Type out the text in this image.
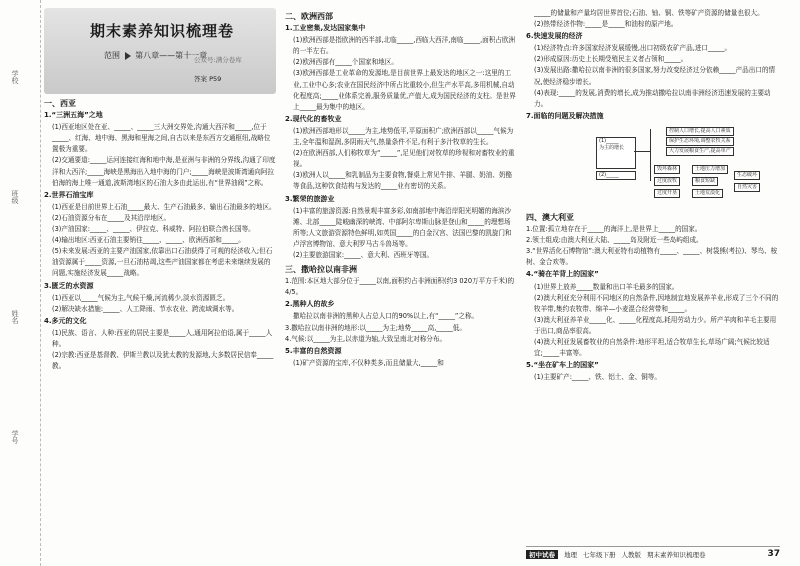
学校
班级
姓名
学号
期末素养知识梳理卷
范围 第八章——第十一章
公众号:满分卷库
答案 P59
一、西亚
1.“三洲五海”之地

(1)西亚地区处在亚、_____、_____三大洲交界处,沟通大西洋和_____,位于_____、红海、地中海、黑海和里海之间,自古以来是东西方交通枢纽,战略位置极为重要。

(2)交通要道:_____运河连接红海和地中海,是亚洲与非洲的分界线,沟通了印度洋和大西洋;_____海峡是黑海出入地中海的门户;_____海峡是波斯湾通向阿拉伯海的海上唯一通道,波斯湾地区的石油大多由此运出,有“世界油阀”之称。

2.世界石油宝库

(1)西亚是目前世界上石油_____最大、生产石油最多、输出石油最多的地区。

(2)石油资源分布在_____及其沿岸地区。

(3)产油国家:_____、_____、伊拉克、科威特、阿拉伯联合酋长国等。

(4)输出地区:西亚石油主要销往_____、_____、欧洲西部和_____。

(5)未来发展:西亚的主要产油国家,依靠出口石油获得了可观的经济收入;但石油资源属于_____资源,一旦石油枯竭,这些产油国家都在考虑未来继续发展的问题,实施经济发展_____战略。

3.匮乏的水资源

(1)西亚以_____气候为主,气候干燥,河流稀少,淡水资源匮乏。

(2)解决缺水措施:_____、人工降雨、节水农业、跨流域调水等。

4.多元的文化

(1)民族、语言、人种:西亚的居民主要是_____人,通用阿拉伯语,属于_____人种。

(2)宗教:西亚是基督教、伊斯兰教以及犹太教的发源地,大多数居民信奉_____教。

二、欧洲西部
1.工业密集,发达国家集中

(1)欧洲西部是指欧洲的西半部,北临_____,西临大西洋,南临_____,面积占欧洲的一半左右。

(2)欧洲西部有_____个国家和地区。

(3)欧洲西部是工业革命的发源地,是目前世界上最发达的地区之一:这里的工业,工业中心多;农业在国民经济中所占比重较小,但生产水平高,多用机械,自动化程度高;_____业体系完善,服务质量优,产值大,成为国民经济的支柱。是世界上_____最为集中的地区。

2.现代化的畜牧业

(1)欧洲西部地形以_____为主,地势低平,平原面积广;欧洲西部以_____气候为主,全年温和湿润,多阴雨天气,热量条件不足,有利于多汁牧草的生长。

(2)在欧洲西部,人们称牧草为“_____”,足见他们对牧草的珍视和对畜牧业的重视。

(3)欧洲人以_____和乳制品为主要食物,餐桌上常见牛排、羊腿、奶油、奶酪等食品,这种饮食结构与发达的_____业有密切的关系。

3.繁荣的旅游业

(1)丰富的旅游资源:自然景观丰富多彩,如南部地中海沿岸阳光明媚的海滨沙滩、北部_____陡峻幽深的峡湾、中部阿尔卑斯山脉是登山和_____的理想场所等;人文旅游资源特色鲜明,如英国_____的白金汉宫、法国巴黎的凯旋门和卢浮宫博物馆、意大利罗马古斗兽场等。

(2)主要旅游国家:_____、意大利、西班牙等国。

三、撒哈拉以南非洲

1.范围:本区地大部分位于_____以南,面积约占非洲面积(约3 020万平方千米)的4/5。

2.黑种人的故乡

撒哈拉以南非洲的黑种人占总人口的90%以上,有“_____”之称。

3.撒哈拉以南非洲的地形:以_____为主;地势_____高,_____低。

4.气候:以_____为主,以赤道为轴,大致呈南北对称分布。

5.丰富的自然资源

(1)矿产资源的宝库,不仅种类多,而且储量大,_____和

_____的储量和产量均居世界首位;石油、铀、铜、铁等矿产资源的储量也很大。

(2)热带经济作物:_____是_____和油棕的原产地。

6.快速发展的经济

(1)经济特点:许多国家经济发展缓慢,出口初级农矿产品,进口_____。

(2)形成原因:历史上长期受殖民主义者占领和_____。

(3)发展出路:撒哈拉以南非洲的很多国家,努力改变经济过分依赖_____产品出口的情况,使经济稳步增长。

(4)表现:_____的发展,消费的增长,成为推动撒哈拉以南非洲经济迅速发展的主要动力。

7.面临的问题及解决措施
(1)_____
为主的增长
(2)_____
控制人口增长,提高人口素质
保护生态环境,调整农牧关系
大力发展粮食生产,提高单产
毁坏森林
过度放牧
过度开垦
土地压力增加
粮食短缺
土地荒漠化
生态破坏
自然灾害
四、澳大利亚

1.位置:孤立地存在于_____的海洋上,是世界上_____的国家。

2.领土组成:由澳大利亚大陆、_____岛及附近一些岛屿组成。

3.“世界活化石博物馆”:澳大利亚特有动植物有_____、_____、树袋熊(考拉)、琴鸟、桉树、金合欢等。

4.“骑在羊背上的国家”

(1)世界上放养_____数量和出口羊毛最多的国家。

(2)澳大利亚充分利用不同地区的自然条件,因地制宜地发展养羊业,形成了三个不同的牧羊带,集约农牧带、绵羊—小麦混合经营带和_____。

(3)澳大利亚养羊业_____化、_____化程度高,耗用劳动力少。所产羊肉和羊毛主要用于出口,商品率很高。

(4)澳大利亚发展畜牧业的自然条件:地形平坦,适合牧草生长,草场广阔;气候比较适宜;_____丰富等。

5.“坐在矿车上的国家”

(1)主要矿产:_____、铁、铝土、金、铜等。

初中试卷	地理 七年级下册 人教版 期末素养知识梳理卷	37
